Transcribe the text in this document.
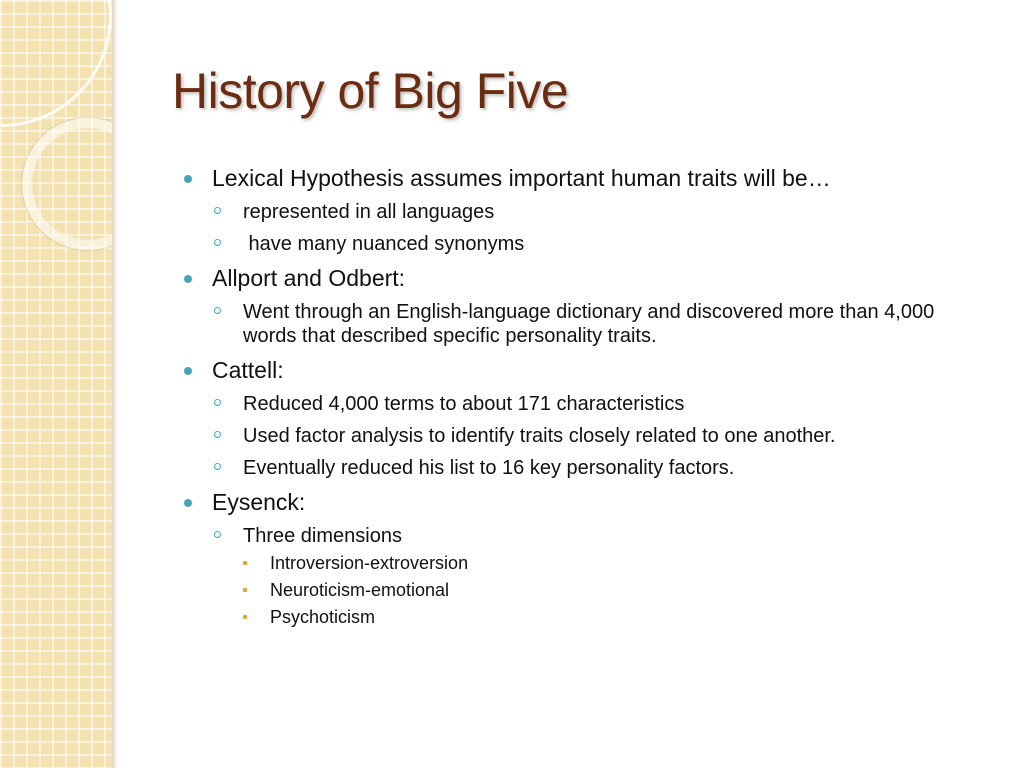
History of Big Five
Lexical Hypothesis assumes important human traits will be…
represented in all languages
have many nuanced synonyms
Allport and Odbert:
Went through an English-language dictionary and discovered more than 4,000 words that described specific personality traits.
Cattell:
Reduced 4,000 terms to about 171 characteristics
Used factor analysis to identify traits closely related to one another.
Eventually reduced his list to 16 key personality factors.
Eysenck:
Three dimensions
Introversion-extroversion
Neuroticism-emotional
Psychoticism
